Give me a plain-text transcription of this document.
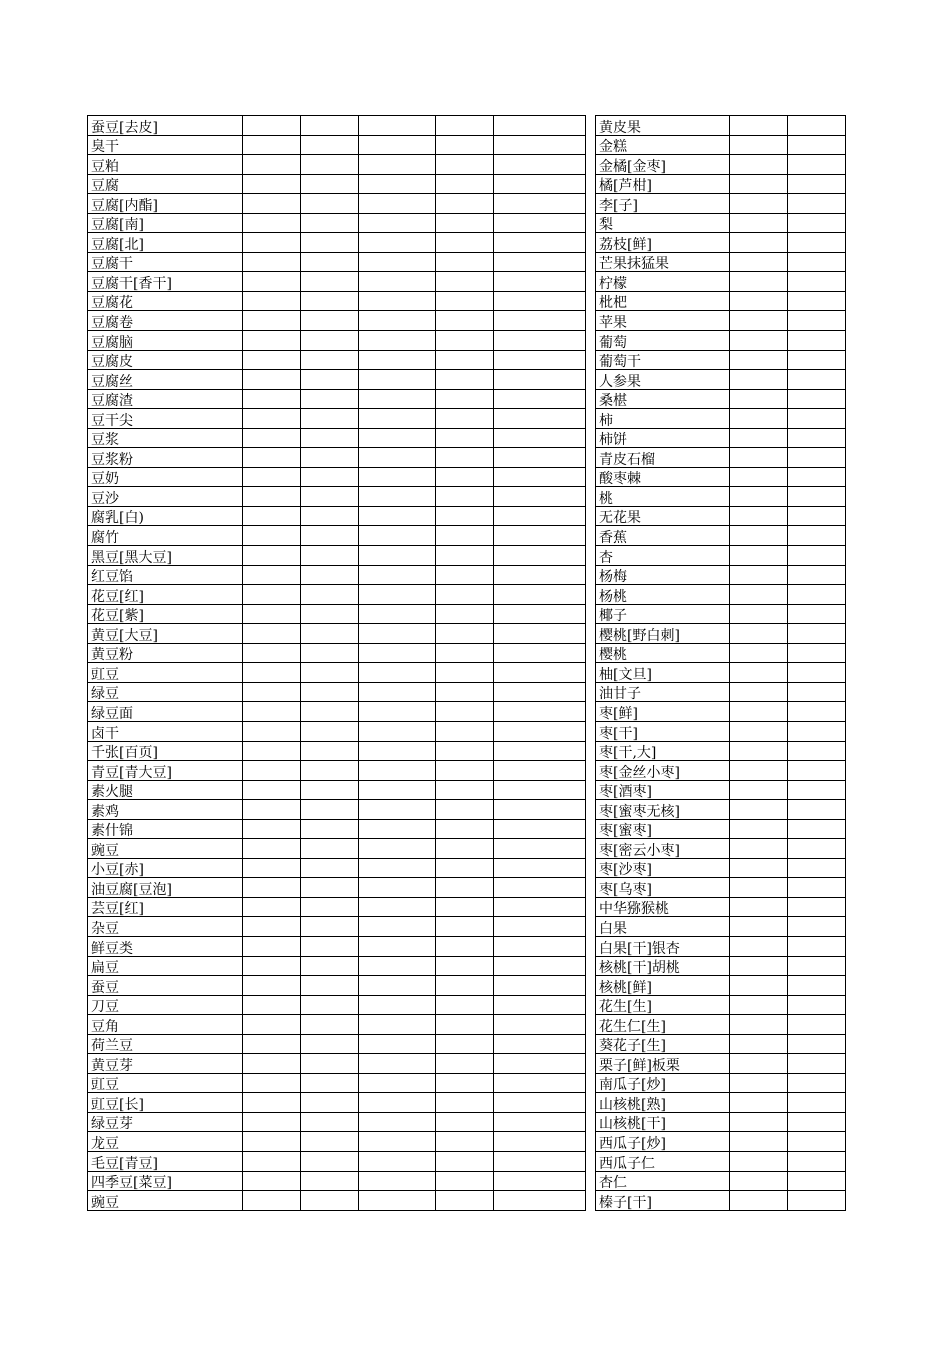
蚕豆[去皮]					
臭干					
豆粕					
豆腐					
豆腐[内酯]					
豆腐[南]					
豆腐[北]					
豆腐干					
豆腐干[香干]					
豆腐花					
豆腐卷					
豆腐脑					
豆腐皮					
豆腐丝					
豆腐渣					
豆干尖					
豆浆					
豆浆粉					
豆奶					
豆沙					
腐乳[白)					
腐竹					
黑豆[黑大豆]					
红豆馅					
花豆[红]					
花豆[紫]					
黄豆[大豆]					
黄豆粉					
豇豆					
绿豆					
绿豆面					
卤干					
千张[百页]					
青豆[青大豆]					
素火腿					
素鸡					
素什锦					
豌豆					
小豆[赤]					
油豆腐[豆泡]					
芸豆[红]					
杂豆					
鲜豆类					
扁豆					
蚕豆					
刀豆					
豆角					
荷兰豆					
黄豆芽					
豇豆					
豇豆[长]					
绿豆芽					
龙豆					
毛豆[青豆]					
四季豆[菜豆]					
豌豆					
黄皮果		
金糕		
金橘[金枣]		
橘[芦柑]		
李[子]		
梨		
荔枝[鲜]		
芒果抹猛果		
柠檬		
枇杷		
苹果		
葡萄		
葡萄干		
人参果		
桑椹		
柿		
柿饼		
青皮石榴		
酸枣棘		
桃		
无花果		
香蕉		
杏		
杨梅		
杨桃		
椰子		
樱桃[野白刺]		
樱桃		
柚[文旦]		
油甘子		
枣[鲜]		
枣[干]		
枣[干,大]		
枣[金丝小枣]		
枣[酒枣]		
枣[蜜枣无核]		
枣[蜜枣]		
枣[密云小枣]		
枣[沙枣]		
枣[乌枣]		
中华猕猴桃		
白果		
白果[干]银杏		
核桃[干]胡桃		
核桃[鲜]		
花生[生]		
花生仁[生]		
葵花子[生]		
栗子[鲜]板栗		
南瓜子[炒]		
山核桃[熟]		
山核桃[干]		
西瓜子[炒]		
西瓜子仁		
杏仁		
榛子[干]		
